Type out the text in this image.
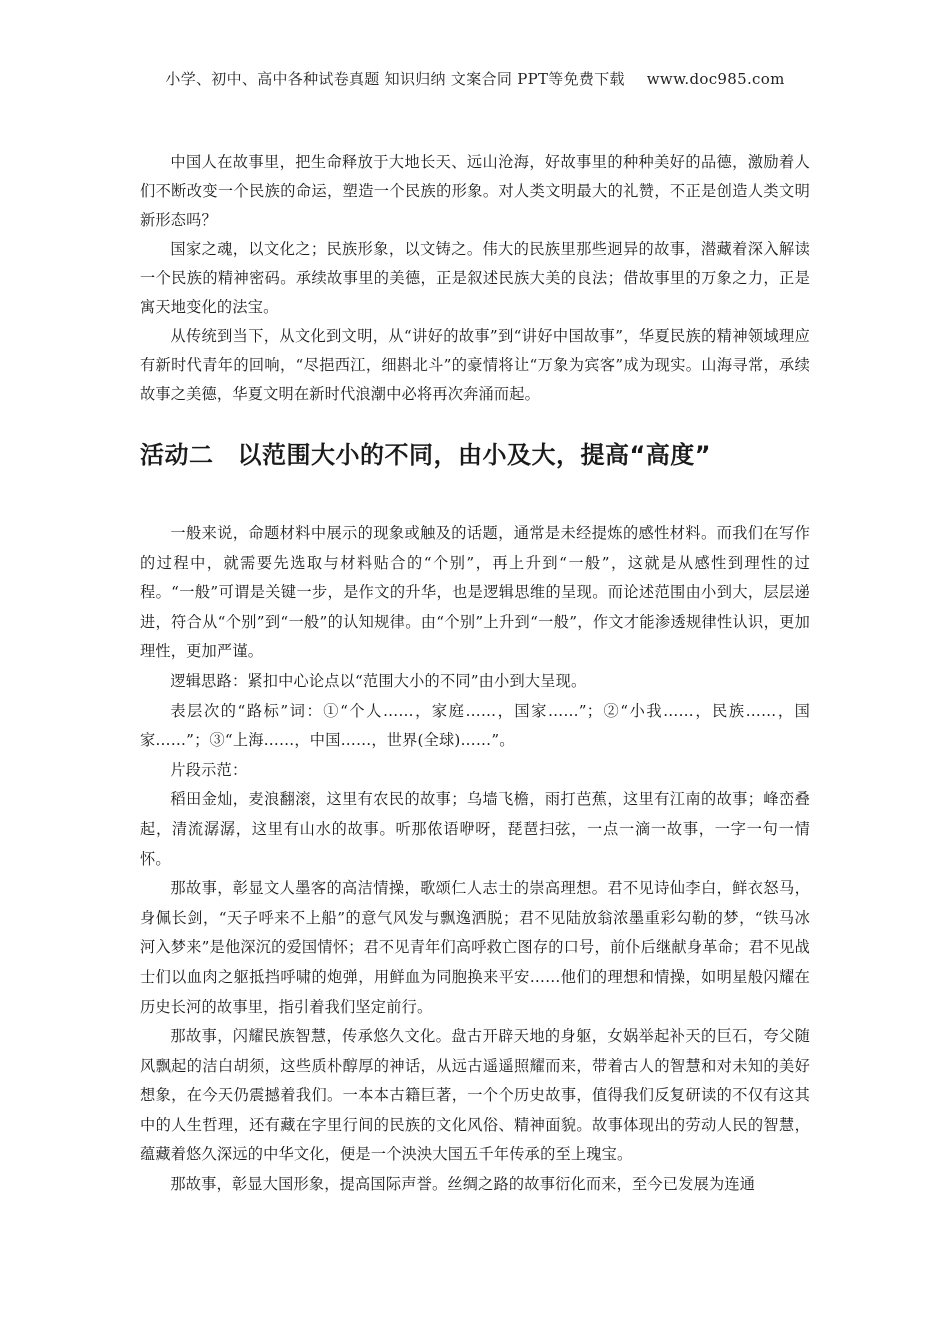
小学、初中、高中各种试卷真题 知识归纳 文案合同 PPT等免费下载 www.doc985.com

中国人在故事里，把生命释放于大地长天、远山沧海，好故事里的种种美好的品德，激励着人们不断改变一个民族的命运，塑造一个民族的形象。对人类文明最大的礼赞，不正是创造人类文明新形态吗？

国家之魂，以文化之；民族形象，以文铸之。伟大的民族里那些迥异的故事，潜藏着深入解读一个民族的精神密码。承续故事里的美德，正是叙述民族大美的良法；借故事里的万象之力，正是寓天地变化的法宝。

从传统到当下，从文化到文明，从“讲好的故事”到“讲好中国故事”，华夏民族的精神领域理应有新时代青年的回响，“尽挹西江，细斟北斗”的豪情将让“万象为宾客”成为现实。山海寻常，承续故事之美德，华夏文明在新时代浪潮中必将再次奔涌而起。

活动二 以范围大小的不同，由小及大，提高“高度”

一般来说，命题材料中展示的现象或触及的话题，通常是未经提炼的感性材料。而我们在写作的过程中，就需要先选取与材料贴合的“个别”，再上升到“一般”，这就是从感性到理性的过程。“一般”可谓是关键一步，是作文的升华，也是逻辑思维的呈现。而论述范围由小到大，层层递进，符合从“个别”到“一般”的认知规律。由“个别”上升到“一般”，作文才能渗透规律性认识，更加理性，更加严谨。

逻辑思路：紧扣中心论点以“范围大小的不同”由小到大呈现。

表层次的“路标”词：①“个人……，家庭……，国家……”；②“小我……，民族……，国家……”；③“上海……，中国……，世界(全球)……”。

片段示范：

稻田金灿，麦浪翻滚，这里有农民的故事；乌墙飞檐，雨打芭蕉，这里有江南的故事；峰峦叠起，清流潺潺，这里有山水的故事。听那侬语咿呀，琵琶扫弦，一点一滴一故事，一字一句一情怀。

那故事，彰显文人墨客的高洁情操，歌颂仁人志士的崇高理想。君不见诗仙李白，鲜衣怒马，身佩长剑，“天子呼来不上船”的意气风发与飘逸洒脱；君不见陆放翁浓墨重彩勾勒的梦，“铁马冰河入梦来”是他深沉的爱国情怀；君不见青年们高呼救亡图存的口号，前仆后继献身革命；君不见战士们以血肉之躯抵挡呼啸的炮弹，用鲜血为同胞换来平安……他们的理想和情操，如明星般闪耀在历史长河的故事里，指引着我们坚定前行。

那故事，闪耀民族智慧，传承悠久文化。盘古开辟天地的身躯，女娲举起补天的巨石，夸父随风飘起的洁白胡须，这些质朴醇厚的神话，从远古遥遥照耀而来，带着古人的智慧和对未知的美好想象，在今天仍震撼着我们。一本本古籍巨著，一个个历史故事，值得我们反复研读的不仅有这其中的人生哲理，还有藏在字里行间的民族的文化风俗、精神面貌。故事体现出的劳动人民的智慧，蕴藏着悠久深远的中华文化，便是一个泱泱大国五千年传承的至上瑰宝。

那故事，彰显大国形象，提高国际声誉。丝绸之路的故事衍化而来，至今已发展为连通
